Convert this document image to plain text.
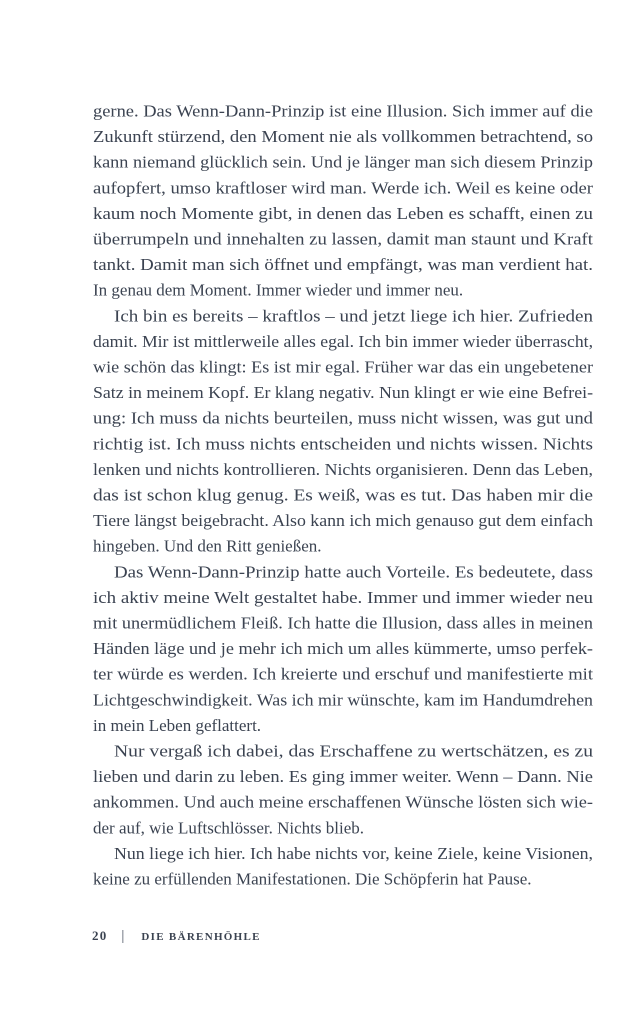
gerne. Das Wenn-Dann-Prinzip ist eine Illusion. Sich immer auf die
Zukunft stürzend, den Moment nie als vollkommen betrachtend, so
kann niemand glücklich sein. Und je länger man sich diesem Prinzip
aufopfert, umso kraftloser wird man. Werde ich. Weil es keine oder
kaum noch Momente gibt, in denen das Leben es schafft, einen zu
überrumpeln und innehalten zu lassen, damit man staunt und Kraft
tankt. Damit man sich öffnet und empfängt, was man verdient hat.
In genau dem Moment. Immer wieder und immer neu.
Ich bin es bereits – kraftlos – und jetzt liege ich hier. Zufrieden
damit. Mir ist mittlerweile alles egal. Ich bin immer wieder überrascht,
wie schön das klingt: Es ist mir egal. Früher war das ein ungebetener
Satz in meinem Kopf. Er klang negativ. Nun klingt er wie eine Befrei-
ung: Ich muss da nichts beurteilen, muss nicht wissen, was gut und
richtig ist. Ich muss nichts entscheiden und nichts wissen. Nichts
lenken und nichts kontrollieren. Nichts organisieren. Denn das Leben,
das ist schon klug genug. Es weiß, was es tut. Das haben mir die
Tiere längst beigebracht. Also kann ich mich genauso gut dem einfach
hingeben. Und den Ritt genießen.
Das Wenn-Dann-Prinzip hatte auch Vorteile. Es bedeutete, dass
ich aktiv meine Welt gestaltet habe. Immer und immer wieder neu
mit unermüdlichem Fleiß. Ich hatte die Illusion, dass alles in meinen
Händen läge und je mehr ich mich um alles kümmerte, umso perfek-
ter würde es werden. Ich kreierte und erschuf und manifestierte mit
Lichtgeschwindigkeit. Was ich mir wünschte, kam im Handumdrehen
in mein Leben geflattert.
Nur vergaß ich dabei, das Erschaffene zu wertschätzen, es zu
lieben und darin zu leben. Es ging immer weiter. Wenn – Dann. Nie
ankommen. Und auch meine erschaffenen Wünsche lösten sich wie-
der auf, wie Luftschlösser. Nichts blieb.
Nun liege ich hier. Ich habe nichts vor, keine Ziele, keine Visionen,
keine zu erfüllenden Manifestationen. Die Schöpferin hat Pause.
20 | DIE BÄRENHÖHLE
